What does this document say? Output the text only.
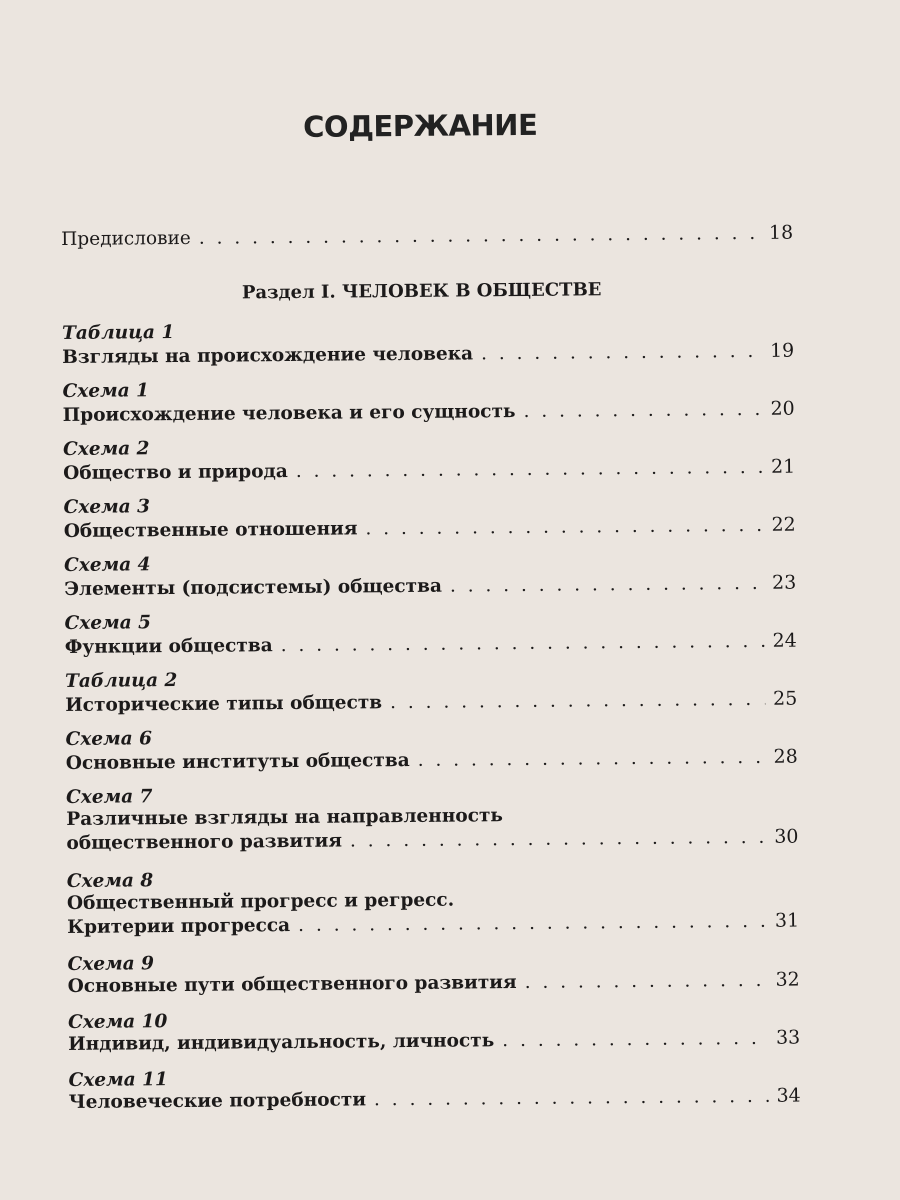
СОДЕРЖАНИЕ
Предисловие . . .	18
Раздел I. ЧЕЛОВЕК В ОБЩЕСТВЕ
Таблица 1
Взгляды на происхождение человека . . .	19
Схема 1
Происхождение человека и его сущность . . .	20
Схема 2
Общество и природа . . .	21
Схема 3
Общественные отношения . . .	22
Схема 4
Элементы (подсистемы) общества . . .	23
Схема 5
Функции общества . . .	24
Таблица 2
Исторические типы обществ . . .	25
Схема 6
Основные институты общества . . .	28
Схема 7
Различные взгляды на направленность
общественного развития . . .	30
Схема 8
Общественный прогресс и регресс.
Критерии прогресса . . .	31
Схема 9
Основные пути общественного развития . . .	32
Схема 10
Индивид, индивидуальность, личность . . .	33
Схема 11
Человеческие потребности . . .	34
